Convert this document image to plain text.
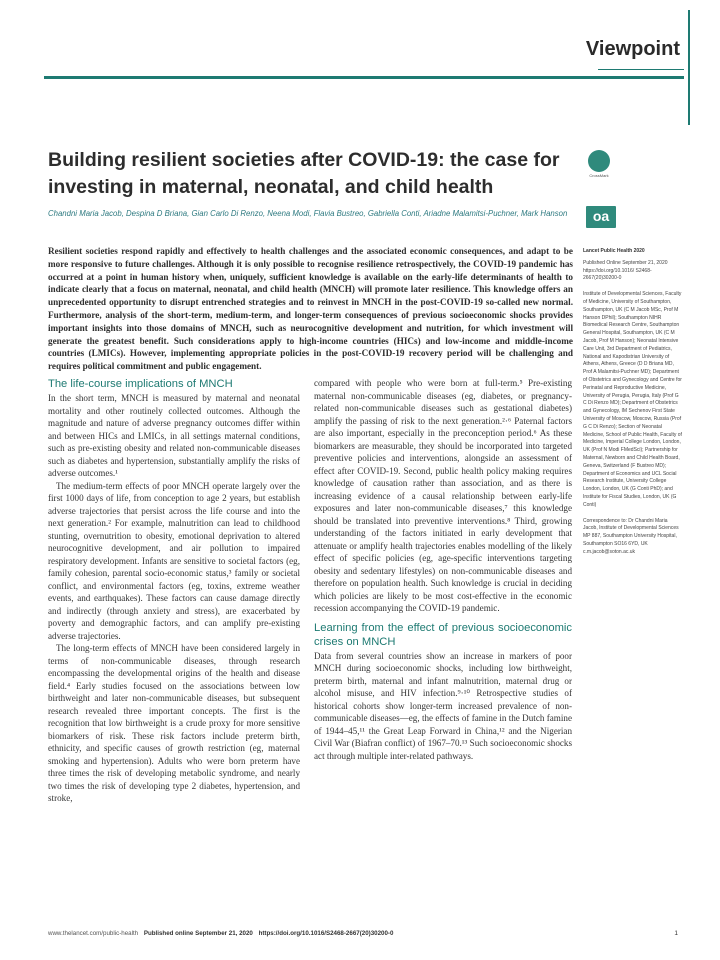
Viewpoint
Building resilient societies after COVID-19: the case for investing in maternal, neonatal, and child health
CrossMark

Chandni Maria Jacob, Despina D Briana, Gian Carlo Di Renzo, Neena Modi, Flavia Bustreo, Gabriella Conti, Ariadne Malamitsi-Puchner, Mark Hanson	oa

Resilient societies respond rapidly and effectively to health challenges and the associated economic consequences, and adapt to be more responsive to future challenges. Although it is only possible to recognise resilience retrospectively, the COVID-19 pandemic has occurred at a point in human history when, uniquely, sufficient knowledge is available on the early-life determinants of health to indicate clearly that a focus on maternal, neonatal, and child health (MNCH) will promote later resilience. This knowledge offers an unprecedented opportunity to disrupt entrenched strategies and to reinvest in MNCH in the post-COVID-19 so-called new normal. Furthermore, analysis of the short-term, medium-term, and longer-term consequences of previous socioeconomic shocks provides important insights into those domains of MNCH, such as neurocognitive development and nutrition, for which investment will generate the greatest benefit. Such considerations apply to high-income countries (HICs) and low-income and middle-income countries (LMICs). However, implementing appropriate policies in the post-COVID-19 recovery period will be challenging and requires political commitment and public engagement.

The life-course implications of MNCH

In the short term, MNCH is measured by maternal and neonatal mortality and other routinely collected outcomes. Although the magnitude and nature of adverse pregnancy outcomes differ within and between HICs and LMICs, in all settings maternal conditions, such as pre-existing obesity and related non-communicable diseases such as diabetes and hypertension, substantially amplify the risks of adverse outcomes.¹

The medium-term effects of poor MNCH operate largely over the first 1000 days of life, from conception to age 2 years, but establish adverse trajectories that persist across the life course and into the next generation.² For example, malnutrition can lead to childhood stunting, overnutrition to obesity, emotional deprivation to altered neurocognitive development, and air pollution to impaired respiratory development. Infants are sensitive to societal factors (eg, family cohesion, parental socio-economic status,³ family or societal conflict, and environmental factors (eg, toxins, extreme weather events, and earthquakes). These factors can cause damage directly and indirectly (through anxiety and stress), are exacerbated by poverty and demographic factors, and can amplify pre-existing adverse trajectories.

The long-term effects of MNCH have been considered largely in terms of non-communicable diseases, through research encompassing the developmental origins of the health and disease field.⁴ Early studies focused on the associations between low birthweight and later non-communicable diseases, but subsequent research revealed three important concepts. The first is the recognition that low birthweight is a crude proxy for more sensitive biomarkers of risk. These risk factors include preterm birth, ethnicity, and specific causes of growth restriction (eg, maternal smoking and hypertension). Adults who were born preterm have three times the risk of developing metabolic syndrome, and nearly two times the risk of developing type 2 diabetes, hypertension, and stroke,

compared with people who were born at full-term.⁵ Pre-existing maternal non-communicable diseases (eg, diabetes, or pregnancy-related non-communicable diseases such as gestational diabetes) amplify the passing of risk to the next generation.²·⁶ Paternal factors are also important, especially in the preconception period.⁶ As these biomarkers are measurable, they should be incorporated into targeted preventive policies and interventions, alongside an assessment of effect after COVID-19. Second, public health policy making requires knowledge of causation rather than association, and as there is increasing evidence of a causal relationship between early-life exposures and later non-communicable diseases,⁷ this knowledge should be translated into preventive interventions.⁸ Third, growing understanding of the factors initiated in early development that attenuate or amplify health trajectories enables modelling of the likely effect of specific policies (eg, age-specific interventions targeting obesity and sedentary lifestyles) on non-communicable diseases and therefore on population health. Such knowledge is crucial in deciding which policies are likely to be most cost-effective in the economic recession accompanying the COVID-19 pandemic.

Learning from the effect of previous socioeconomic crises on MNCH

Data from several countries show an increase in markers of poor MNCH during socioeconomic shocks, including low birthweight, preterm birth, maternal and infant malnutrition, maternal drug or alcohol misuse, and HIV infection.⁹·¹⁰ Retrospective studies of historical cohorts show longer-term increased prevalence of non-communicable diseases—eg, the effects of famine in the Dutch famine of 1944–45,¹¹ the Great Leap Forward in China,¹² and the Nigerian Civil War (Biafran conflict) of 1967–70.¹³ Such socioeconomic shocks act through multiple inter-related pathways.

Lancet Public Health 2020

Published Online September 21, 2020 https://doi.org/10.1016/ S2468-2667(20)30200-0

Institute of Developmental Sciences, Faculty of Medicine, University of Southampton, Southampton, UK (C M Jacob MSc, Prof M Hanson DPhil); Southampton NIHR Biomedical Research Centre, Southampton General Hospital, Southampton, UK (C M Jacob, Prof M Hanson); Neonatal Intensive Care Unit, 3rd Department of Pediatrics, National and Kapodistrian University of Athens, Athens, Greece (D D Briana MD, Prof A Malamitsi-Puchner MD); Department of Obstetrics and Gynecology and Centre for Perinatal and Reproductive Medicine, University of Perugia, Perugia, Italy (Prof G C Di Renzo MD); Department of Obstetrics and Gynecology, IM Sechenov First State University of Moscow, Moscow, Russia (Prof G C Di Renzo); Section of Neonatal Medicine, School of Public Health, Faculty of Medicine, Imperial College London, London, UK (Prof N Modi FMedSci); Partnership for Maternal, Newborn and Child Health Board, Geneva, Switzerland (F Bustreo MD); Department of Economics and UCL Social Research Institute, University College London, London, UK (G Conti PhD); and Institute for Fiscal Studies, London, UK (G Conti)

Correspondence to: Dr Chandni Maria Jacob, Institute of Developmental Sciences MP 887, Southampton University Hospital, Southampton SO16 6YD, UK c.m.jacob@soton.ac.uk

www.thelancet.com/public-health Published online September 21, 2020 https://doi.org/10.1016/S2468-2667(20)30200-0	1
